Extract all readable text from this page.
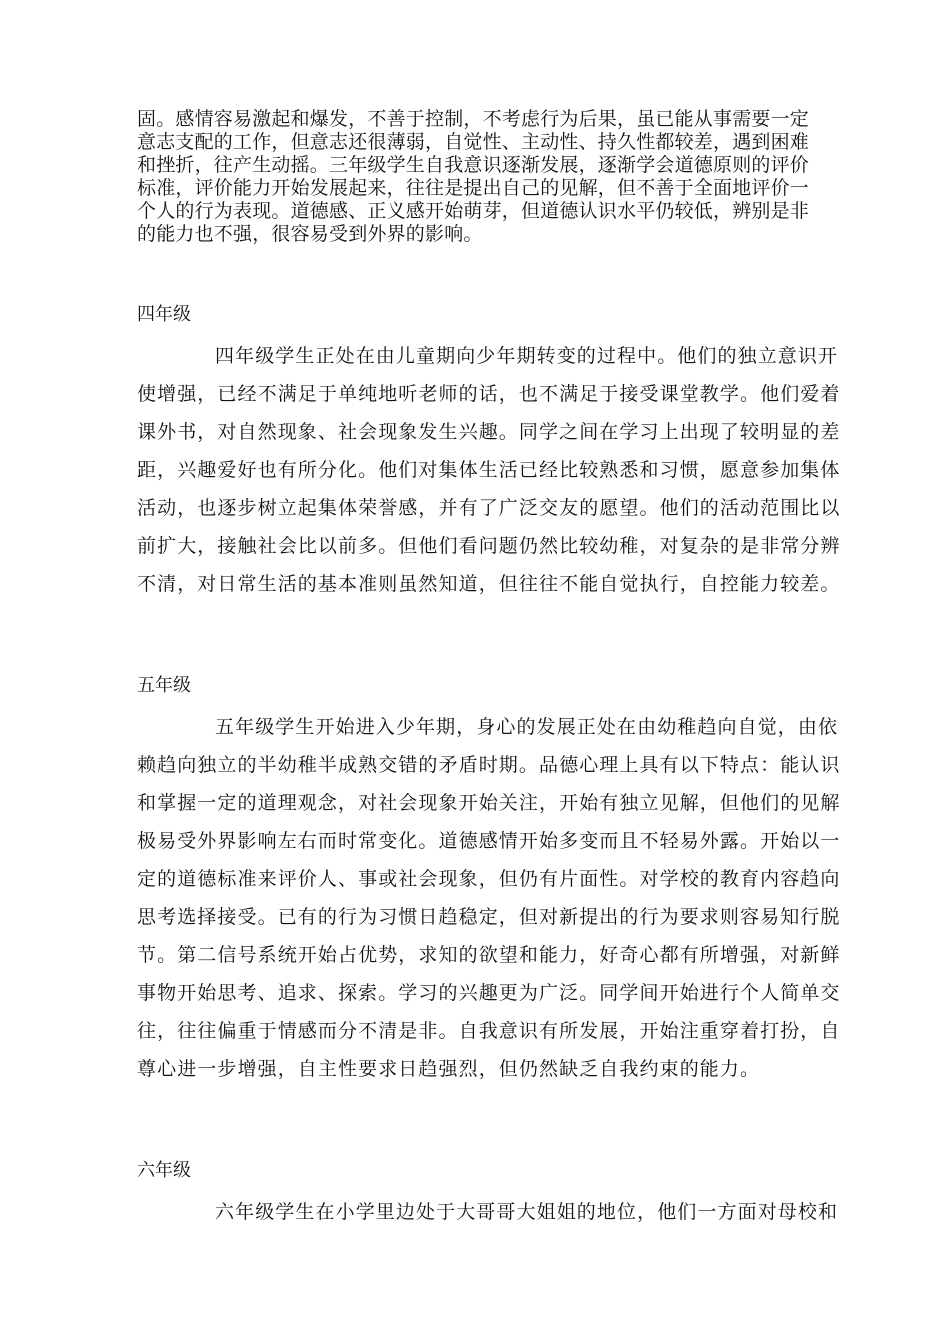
固。感情容易激起和爆发，不善于控制，不考虑行为后果，虽已能从事需要一定
意志支配的工作，但意志还很薄弱，自觉性、主动性、持久性都较差，遇到困难
和挫折，往产生动摇。三年级学生自我意识逐渐发展，逐渐学会道德原则的评价
标准，评价能力开始发展起来，往往是提出自己的见解，但不善于全面地评价一
个人的行为表现。道德感、正义感开始萌芽，但道德认识水平仍较低，辨别是非
的能力也不强，很容易受到外界的影响。
四年级
四年级学生正处在由儿童期向少年期转变的过程中。他们的独立意识开
使增强，已经不满足于单纯地听老师的话，也不满足于接受课堂教学。他们爱着
课外书，对自然现象、社会现象发生兴趣。同学之间在学习上出现了较明显的差
距，兴趣爱好也有所分化。他们对集体生活已经比较熟悉和习惯，愿意参加集体
活动，也逐步树立起集体荣誉感，并有了广泛交友的愿望。他们的活动范围比以
前扩大，接触社会比以前多。但他们看问题仍然比较幼稚，对复杂的是非常分辨
不清，对日常生活的基本准则虽然知道，但往往不能自觉执行，自控能力较差。
五年级
五年级学生开始进入少年期，身心的发展正处在由幼稚趋向自觉，由依
赖趋向独立的半幼稚半成熟交错的矛盾时期。品德心理上具有以下特点：能认识
和掌握一定的道理观念，对社会现象开始关注，开始有独立见解，但他们的见解
极易受外界影响左右而时常变化。道德感情开始多变而且不轻易外露。开始以一
定的道德标准来评价人、事或社会现象，但仍有片面性。对学校的教育内容趋向
思考选择接受。已有的行为习惯日趋稳定，但对新提出的行为要求则容易知行脱
节。第二信号系统开始占优势，求知的欲望和能力，好奇心都有所增强，对新鲜
事物开始思考、追求、探索。学习的兴趣更为广泛。同学间开始进行个人简单交
往，往往偏重于情感而分不清是非。自我意识有所发展，开始注重穿着打扮，自
尊心进一步增强，自主性要求日趋强烈，但仍然缺乏自我约束的能力。
六年级
六年级学生在小学里边处于大哥哥大姐姐的地位，他们一方面对母校和
